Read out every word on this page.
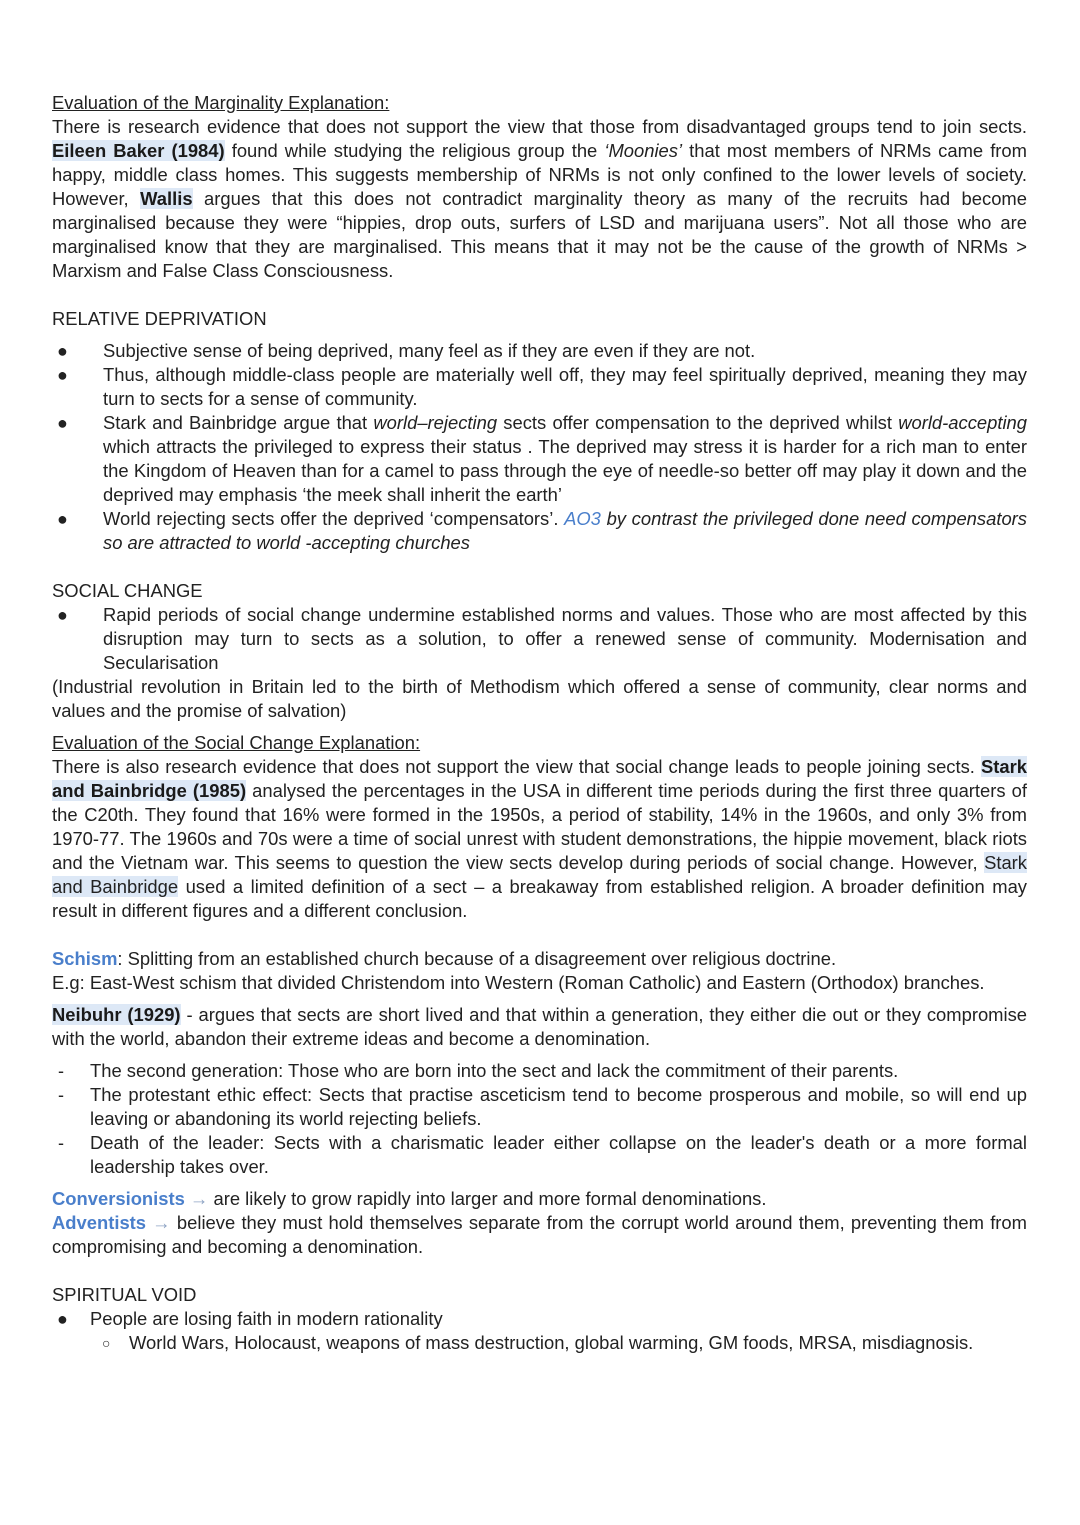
Evaluation of the Marginality Explanation:

There is research evidence that does not support the view that those from disadvantaged groups tend to join sects. Eileen Baker (1984) found while studying the religious group the ‘Moonies’ that most members of NRMs came from happy, middle class homes. This suggests membership of NRMs is not only confined to the lower levels of society. However, Wallis argues that this does not contradict marginality theory as many of the recruits had become marginalised because they were “hippies, drop outs, surfers of LSD and marijuana users”. Not all those who are marginalised know that they are marginalised. This means that it may not be the cause of the growth of NRMs > Marxism and False Class Consciousness.

RELATIVE DEPRIVATION

● Subjective sense of being deprived, many feel as if they are even if they are not.
● Thus, although middle-class people are materially well off, they may feel spiritually deprived, meaning they may turn to sects for a sense of community.
● Stark and Bainbridge argue that world–rejecting sects offer compensation to the deprived whilst world-accepting which attracts the privileged to express their status . The deprived may stress it is harder for a rich man to enter the Kingdom of Heaven than for a camel to pass through the eye of needle-so better off may play it down and the deprived may emphasis ‘the meek shall inherit the earth’
● World rejecting sects offer the deprived ‘compensators’. AO3 by contrast the privileged done need compensators so are attracted to world -accepting churches

SOCIAL CHANGE

● Rapid periods of social change undermine established norms and values. Those who are most affected by this disruption may turn to sects as a solution, to offer a renewed sense of community. Modernisation and Secularisation

(Industrial revolution in Britain led to the birth of Methodism which offered a sense of community, clear norms and values and the promise of salvation)

Evaluation of the Social Change Explanation:

There is also research evidence that does not support the view that social change leads to people joining sects. Stark and Bainbridge (1985) analysed the percentages in the USA in different time periods during the first three quarters of the C20th. They found that 16% were formed in the 1950s, a period of stability, 14% in the 1960s, and only 3% from 1970-77. The 1960s and 70s were a time of social unrest with student demonstrations, the hippie movement, black riots and the Vietnam war. This seems to question the view sects develop during periods of social change. However, Stark and Bainbridge used a limited definition of a sect – a breakaway from established religion. A broader definition may result in different figures and a different conclusion.

Schism: Splitting from an established church because of a disagreement over religious doctrine.

E.g: East-West schism that divided Christendom into Western (Roman Catholic) and Eastern (Orthodox) branches.

Neibuhr (1929) - argues that sects are short lived and that within a generation, they either die out or they compromise with the world, abandon their extreme ideas and become a denomination.

- The second generation: Those who are born into the sect and lack the commitment of their parents.
- The protestant ethic effect: Sects that practise asceticism tend to become prosperous and mobile, so will end up leaving or abandoning its world rejecting beliefs.
- Death of the leader: Sects with a charismatic leader either collapse on the leader's death or a more formal leadership takes over.

Conversionists → are likely to grow rapidly into larger and more formal denominations.

Adventists → believe they must hold themselves separate from the corrupt world around them, preventing them from compromising and becoming a denomination.

SPIRITUAL VOID

● People are losing faith in modern rationality
○ World Wars, Holocaust, weapons of mass destruction, global warming, GM foods, MRSA, misdiagnosis.
